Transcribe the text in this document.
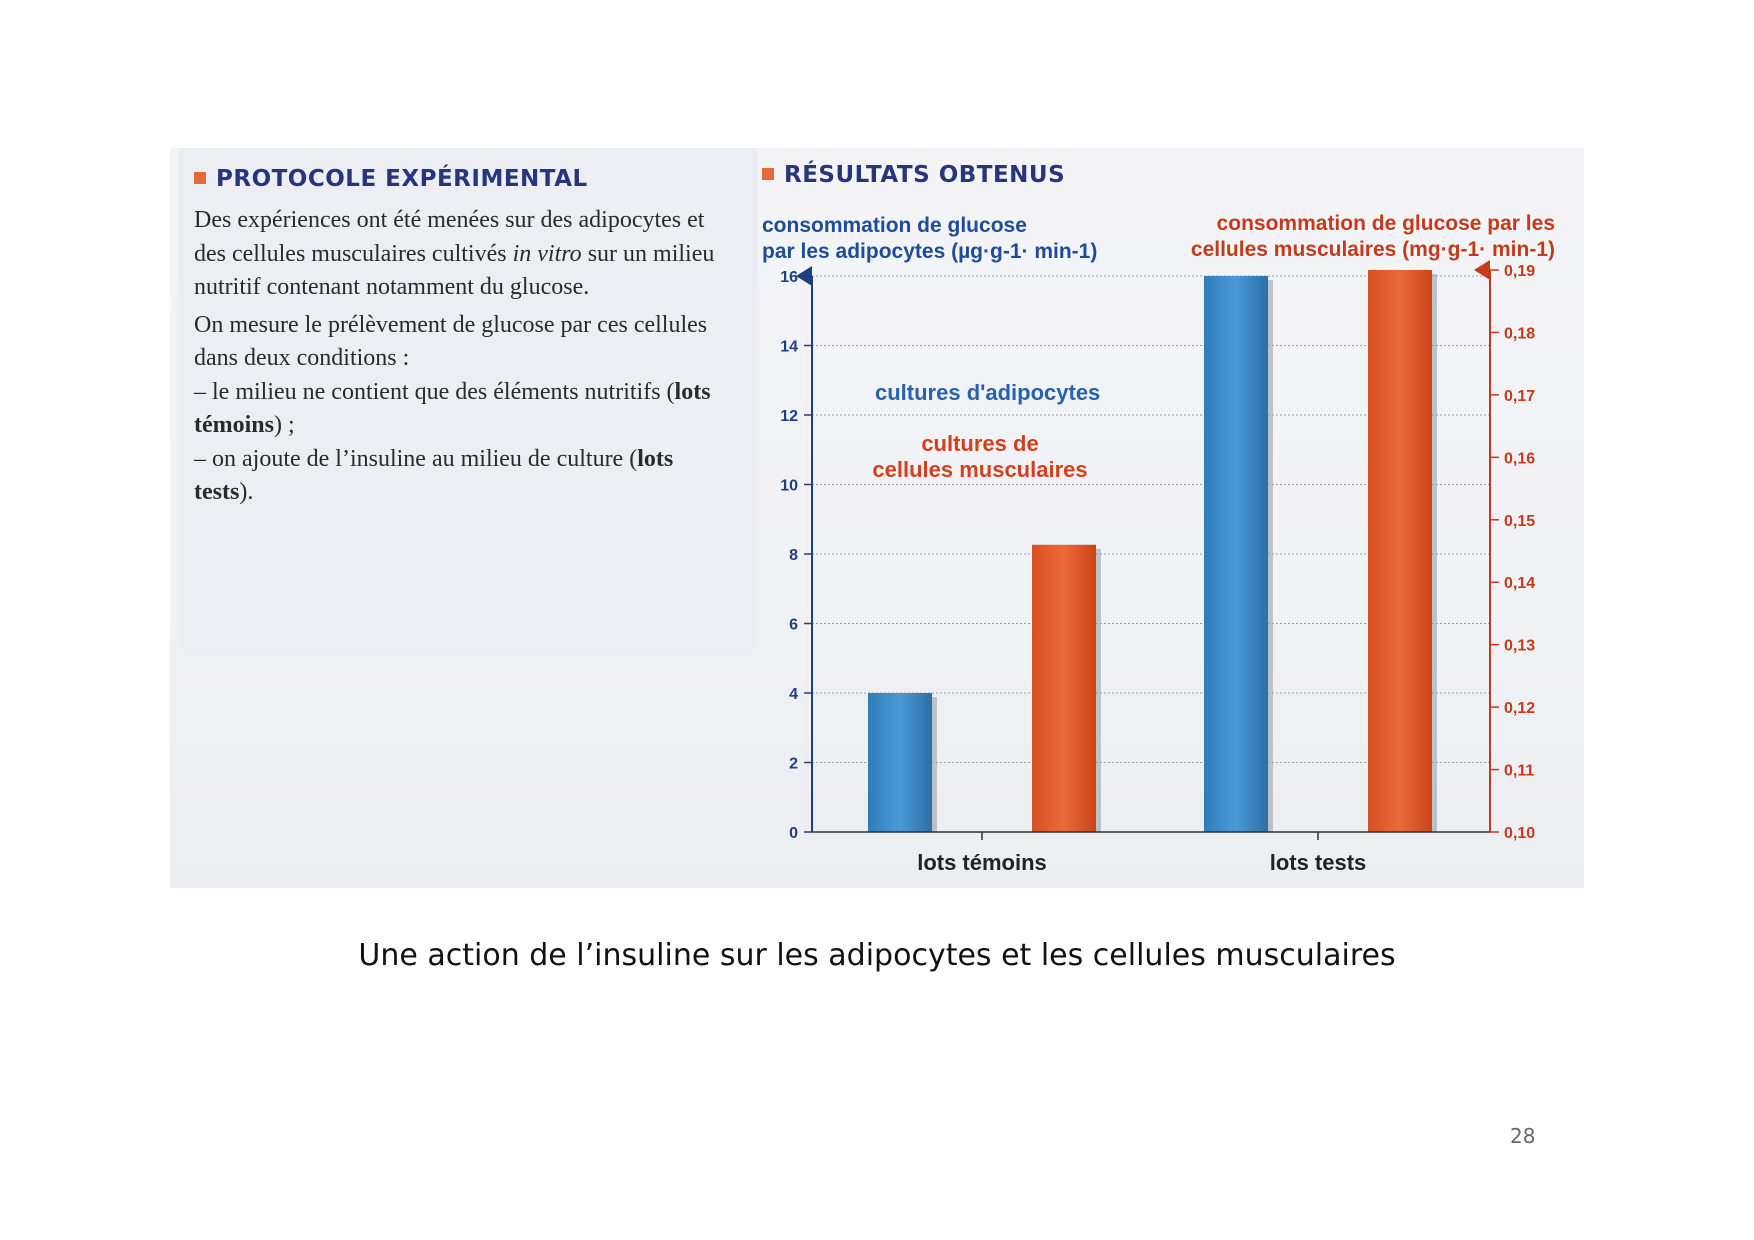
PROTOCOLE EXPÉRIMENTAL

Des expériences ont été menées sur des adipocytes et des cellules musculaires cultivés in vitro sur un milieu nutritif contenant notamment du glucose.

On mesure le prélèvement de glucose par ces cellules dans deux conditions :
– le milieu ne contient que des éléments nutritifs (lots témoins) ;
– on ajoute de l’insuline au milieu de culture (lots tests).

RÉSULTATS OBTENUS
consommation de glucose
par les adipocytes (µg·g-1· min-1)
consommation de glucose par les
cellules musculaires (mg·g-1· min-1)
0
2
4
6
8
10
12
14
16
0,10
0,11
0,12
0,13
0,14
0,15
0,16
0,17
0,18
0,19
lots témoins	lots tests
cultures d'adipocytes
cultures de
cellules musculaires
Une action de l’insuline sur les adipocytes et les cellules musculaires
28
